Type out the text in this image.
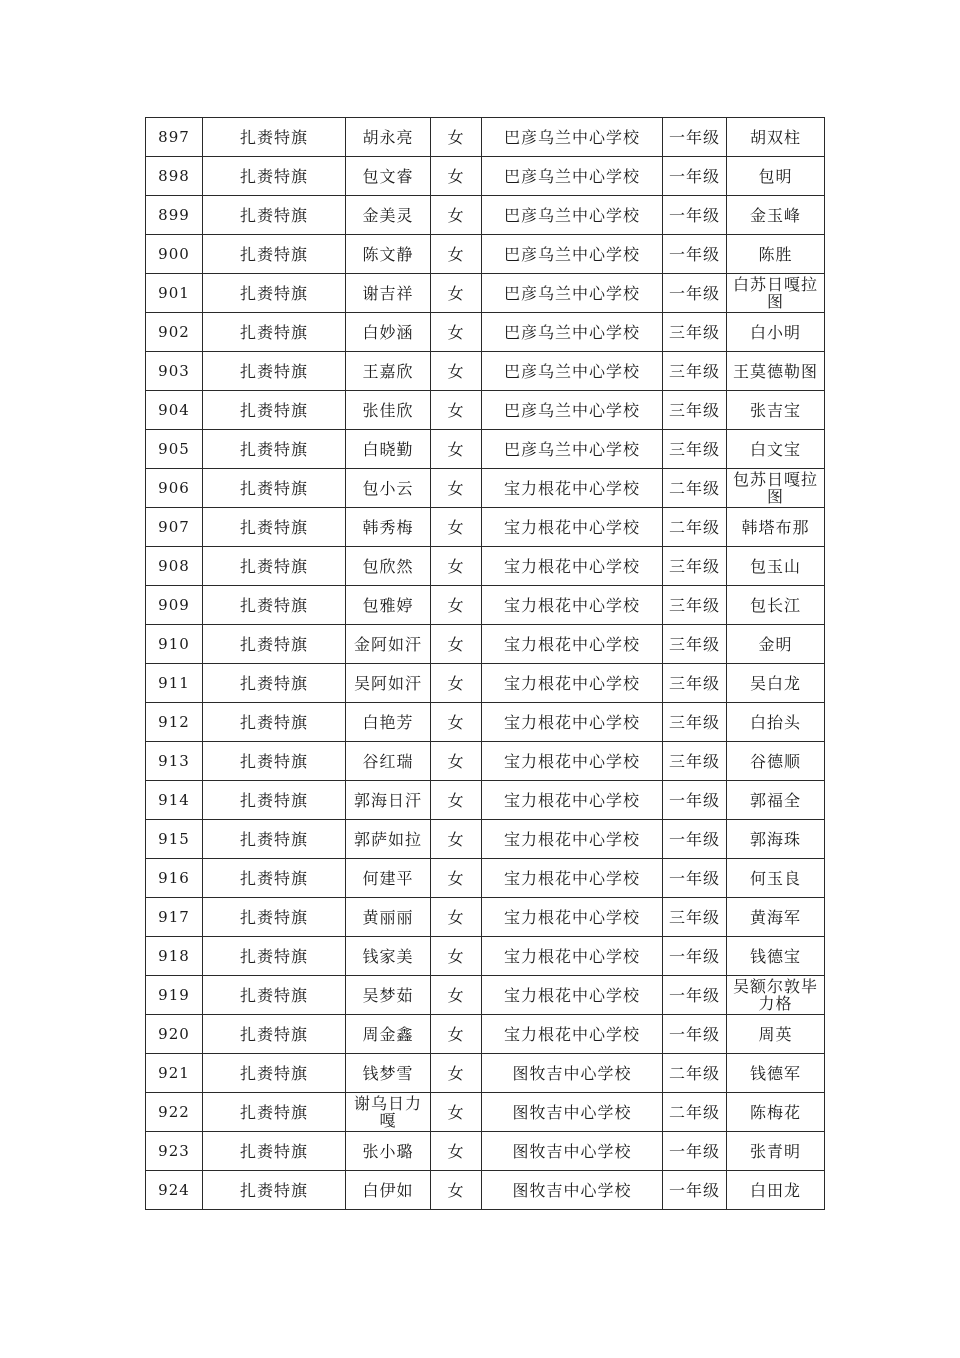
897	扎赉特旗	胡永亮	女	巴彦乌兰中心学校	一年级	胡双柱
898	扎赉特旗	包文睿	女	巴彦乌兰中心学校	一年级	包明
899	扎赉特旗	金美灵	女	巴彦乌兰中心学校	一年级	金玉峰
900	扎赉特旗	陈文静	女	巴彦乌兰中心学校	一年级	陈胜
901	扎赉特旗	谢吉祥	女	巴彦乌兰中心学校	一年级	白苏日嘎拉图
902	扎赉特旗	白妙涵	女	巴彦乌兰中心学校	三年级	白小明
903	扎赉特旗	王嘉欣	女	巴彦乌兰中心学校	三年级	王莫德勒图
904	扎赉特旗	张佳欣	女	巴彦乌兰中心学校	三年级	张吉宝
905	扎赉特旗	白晓勤	女	巴彦乌兰中心学校	三年级	白文宝
906	扎赉特旗	包小云	女	宝力根花中心学校	二年级	包苏日嘎拉图
907	扎赉特旗	韩秀梅	女	宝力根花中心学校	二年级	韩塔布那
908	扎赉特旗	包欣然	女	宝力根花中心学校	三年级	包玉山
909	扎赉特旗	包雅婷	女	宝力根花中心学校	三年级	包长江
910	扎赉特旗	金阿如汗	女	宝力根花中心学校	三年级	金明
911	扎赉特旗	吴阿如汗	女	宝力根花中心学校	三年级	吴白龙
912	扎赉特旗	白艳芳	女	宝力根花中心学校	三年级	白抬头
913	扎赉特旗	谷红瑞	女	宝力根花中心学校	三年级	谷德顺
914	扎赉特旗	郭海日汗	女	宝力根花中心学校	一年级	郭福全
915	扎赉特旗	郭萨如拉	女	宝力根花中心学校	一年级	郭海珠
916	扎赉特旗	何建平	女	宝力根花中心学校	一年级	何玉良
917	扎赉特旗	黄丽丽	女	宝力根花中心学校	三年级	黄海军
918	扎赉特旗	钱家美	女	宝力根花中心学校	一年级	钱德宝
919	扎赉特旗	吴梦茹	女	宝力根花中心学校	一年级	吴额尔敦毕力格
920	扎赉特旗	周金鑫	女	宝力根花中心学校	一年级	周英
921	扎赉特旗	钱梦雪	女	图牧吉中心学校	二年级	钱德军
922	扎赉特旗	谢乌日力嘎	女	图牧吉中心学校	二年级	陈梅花
923	扎赉特旗	张小璐	女	图牧吉中心学校	一年级	张青明
924	扎赉特旗	白伊如	女	图牧吉中心学校	一年级	白田龙
